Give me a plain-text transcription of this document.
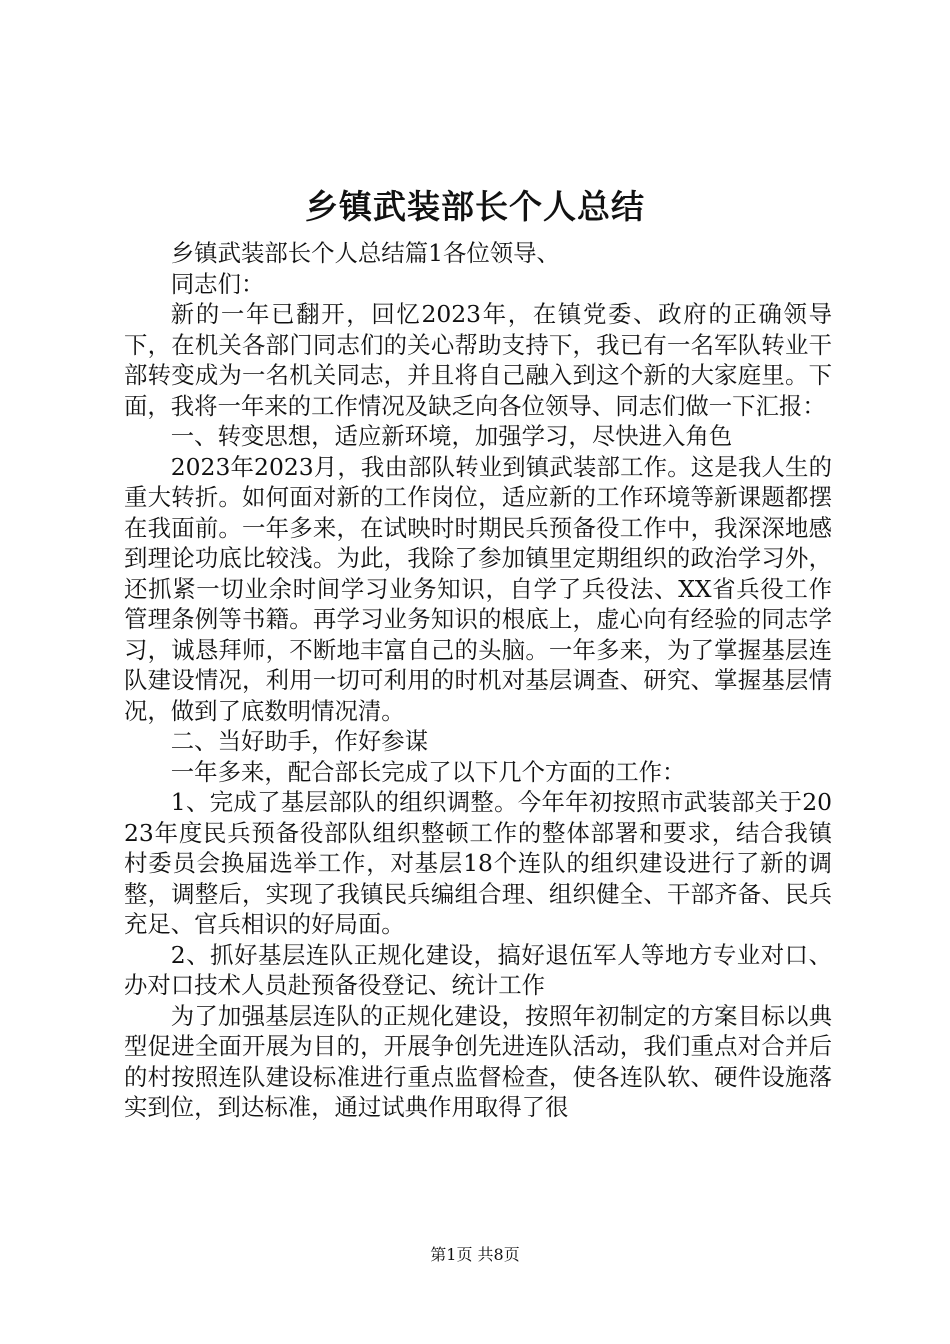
乡镇武装部长个人总结

乡镇武装部长个人总结篇1各位领导、

同志们：

新的一年已翻开，回忆2023年，在镇党委、政府的正确领导下，在机关各部门同志们的关心帮助支持下，我已有一名军队转业干部转变成为一名机关同志，并且将自己融入到这个新的大家庭里。下面，我将一年来的工作情况及缺乏向各位领导、同志们做一下汇报：

一、转变思想，适应新环境，加强学习，尽快进入角色

2023年2023月，我由部队转业到镇武装部工作。这是我人生的重大转折。如何面对新的工作岗位，适应新的工作环境等新课题都摆在我面前。一年多来，在试映时时期民兵预备役工作中，我深深地感到理论功底比较浅。为此，我除了参加镇里定期组织的政治学习外，还抓紧一切业余时间学习业务知识，自学了兵役法、XX省兵役工作管理条例等书籍。再学习业务知识的根底上，虚心向有经验的同志学习，诚恳拜师，不断地丰富自己的头脑。一年多来，为了掌握基层连队建设情况，利用一切可利用的时机对基层调查、研究、掌握基层情况，做到了底数明情况清。

二、当好助手，作好参谋

一年多来，配合部长完成了以下几个方面的工作：

1、完成了基层部队的组织调整。今年年初按照市武装部关于2023年度民兵预备役部队组织整顿工作的整体部署和要求，结合我镇村委员会换届选举工作，对基层18个连队的组织建设进行了新的调整，调整后，实现了我镇民兵编组合理、组织健全、干部齐备、民兵充足、官兵相识的好局面。

2、抓好基层连队正规化建设，搞好退伍军人等地方专业对口、办对口技术人员赴预备役登记、统计工作

为了加强基层连队的正规化建设，按照年初制定的方案目标以典型促进全面开展为目的，开展争创先进连队活动，我们重点对合并后的村按照连队建设标准进行重点监督检查，使各连队软、硬件设施落实到位，到达标准，通过试典作用取得了很

第1页 共8页
